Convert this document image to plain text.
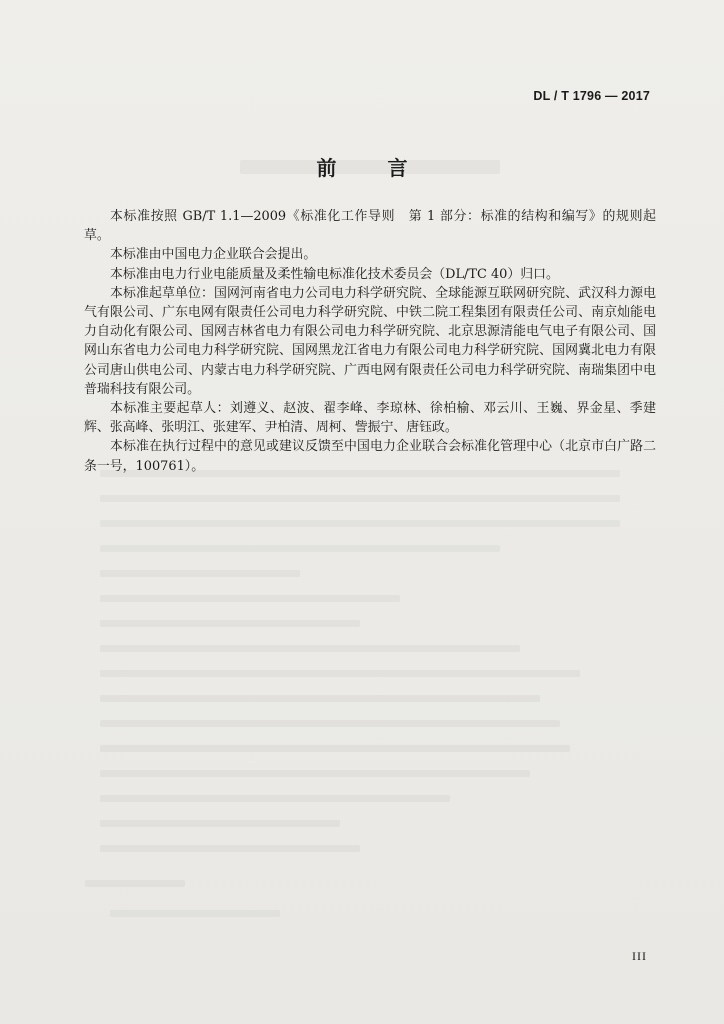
DL / T 1796 — 2017
前 言

本标准按照 GB/T 1.1—2009《标准化工作导则　第 1 部分：标准的结构和编写》的规则起草。

本标准由中国电力企业联合会提出。

本标准由电力行业电能质量及柔性输电标准化技术委员会（DL/TC 40）归口。

本标准起草单位：国网河南省电力公司电力科学研究院、全球能源互联网研究院、武汉科力源电气有限公司、广东电网有限责任公司电力科学研究院、中铁二院工程集团有限责任公司、南京灿能电力自动化有限公司、国网吉林省电力有限公司电力科学研究院、北京思源清能电气电子有限公司、国网山东省电力公司电力科学研究院、国网黑龙江省电力有限公司电力科学研究院、国网冀北电力有限公司唐山供电公司、内蒙古电力科学研究院、广西电网有限责任公司电力科学研究院、南瑞集团中电普瑞科技有限公司。

本标准主要起草人：刘遵义、赵波、翟李峰、李琼林、徐柏榆、邓云川、王巍、界金星、季建辉、张高峰、张明江、张建军、尹柏清、周柯、訾振宁、唐钰政。

本标准在执行过程中的意见或建议反馈至中国电力企业联合会标准化管理中心（北京市白广路二条一号，100761）。

III
